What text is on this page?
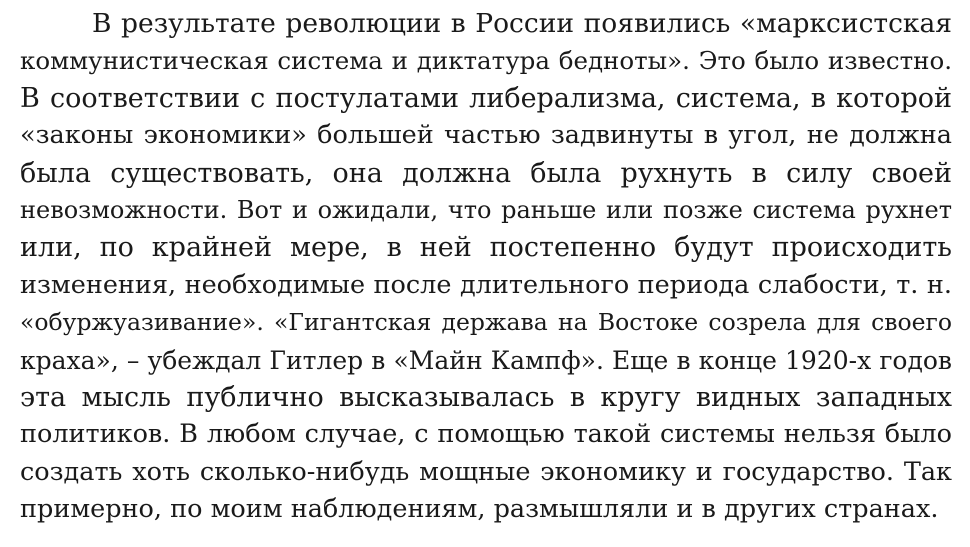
В результате революции в России появились «марксистская
коммунистическая система и диктатура бедноты». Это было известно.
В соответствии с постулатами либерализма, система, в которой
«законы экономики» большей частью задвинуты в угол, не должна
была существовать, она должна была рухнуть в силу своей
невозможности. Вот и ожидали, что раньше или позже система рухнет
или, по крайней мере, в ней постепенно будут происходить
изменения, необходимые после длительного периода слабости, т. н.
«обуржуазивание». «Гигантская держава на Востоке созрела для своего
краха», – убеждал Гитлер в «Майн Кампф». Еще в конце 1920-х годов
эта мысль публично высказывалась в кругу видных западных
политиков. В любом случае, с помощью такой системы нельзя было
создать хоть сколько-нибудь мощные экономику и государство. Так
примерно, по моим наблюдениям, размышляли и в других странах.
